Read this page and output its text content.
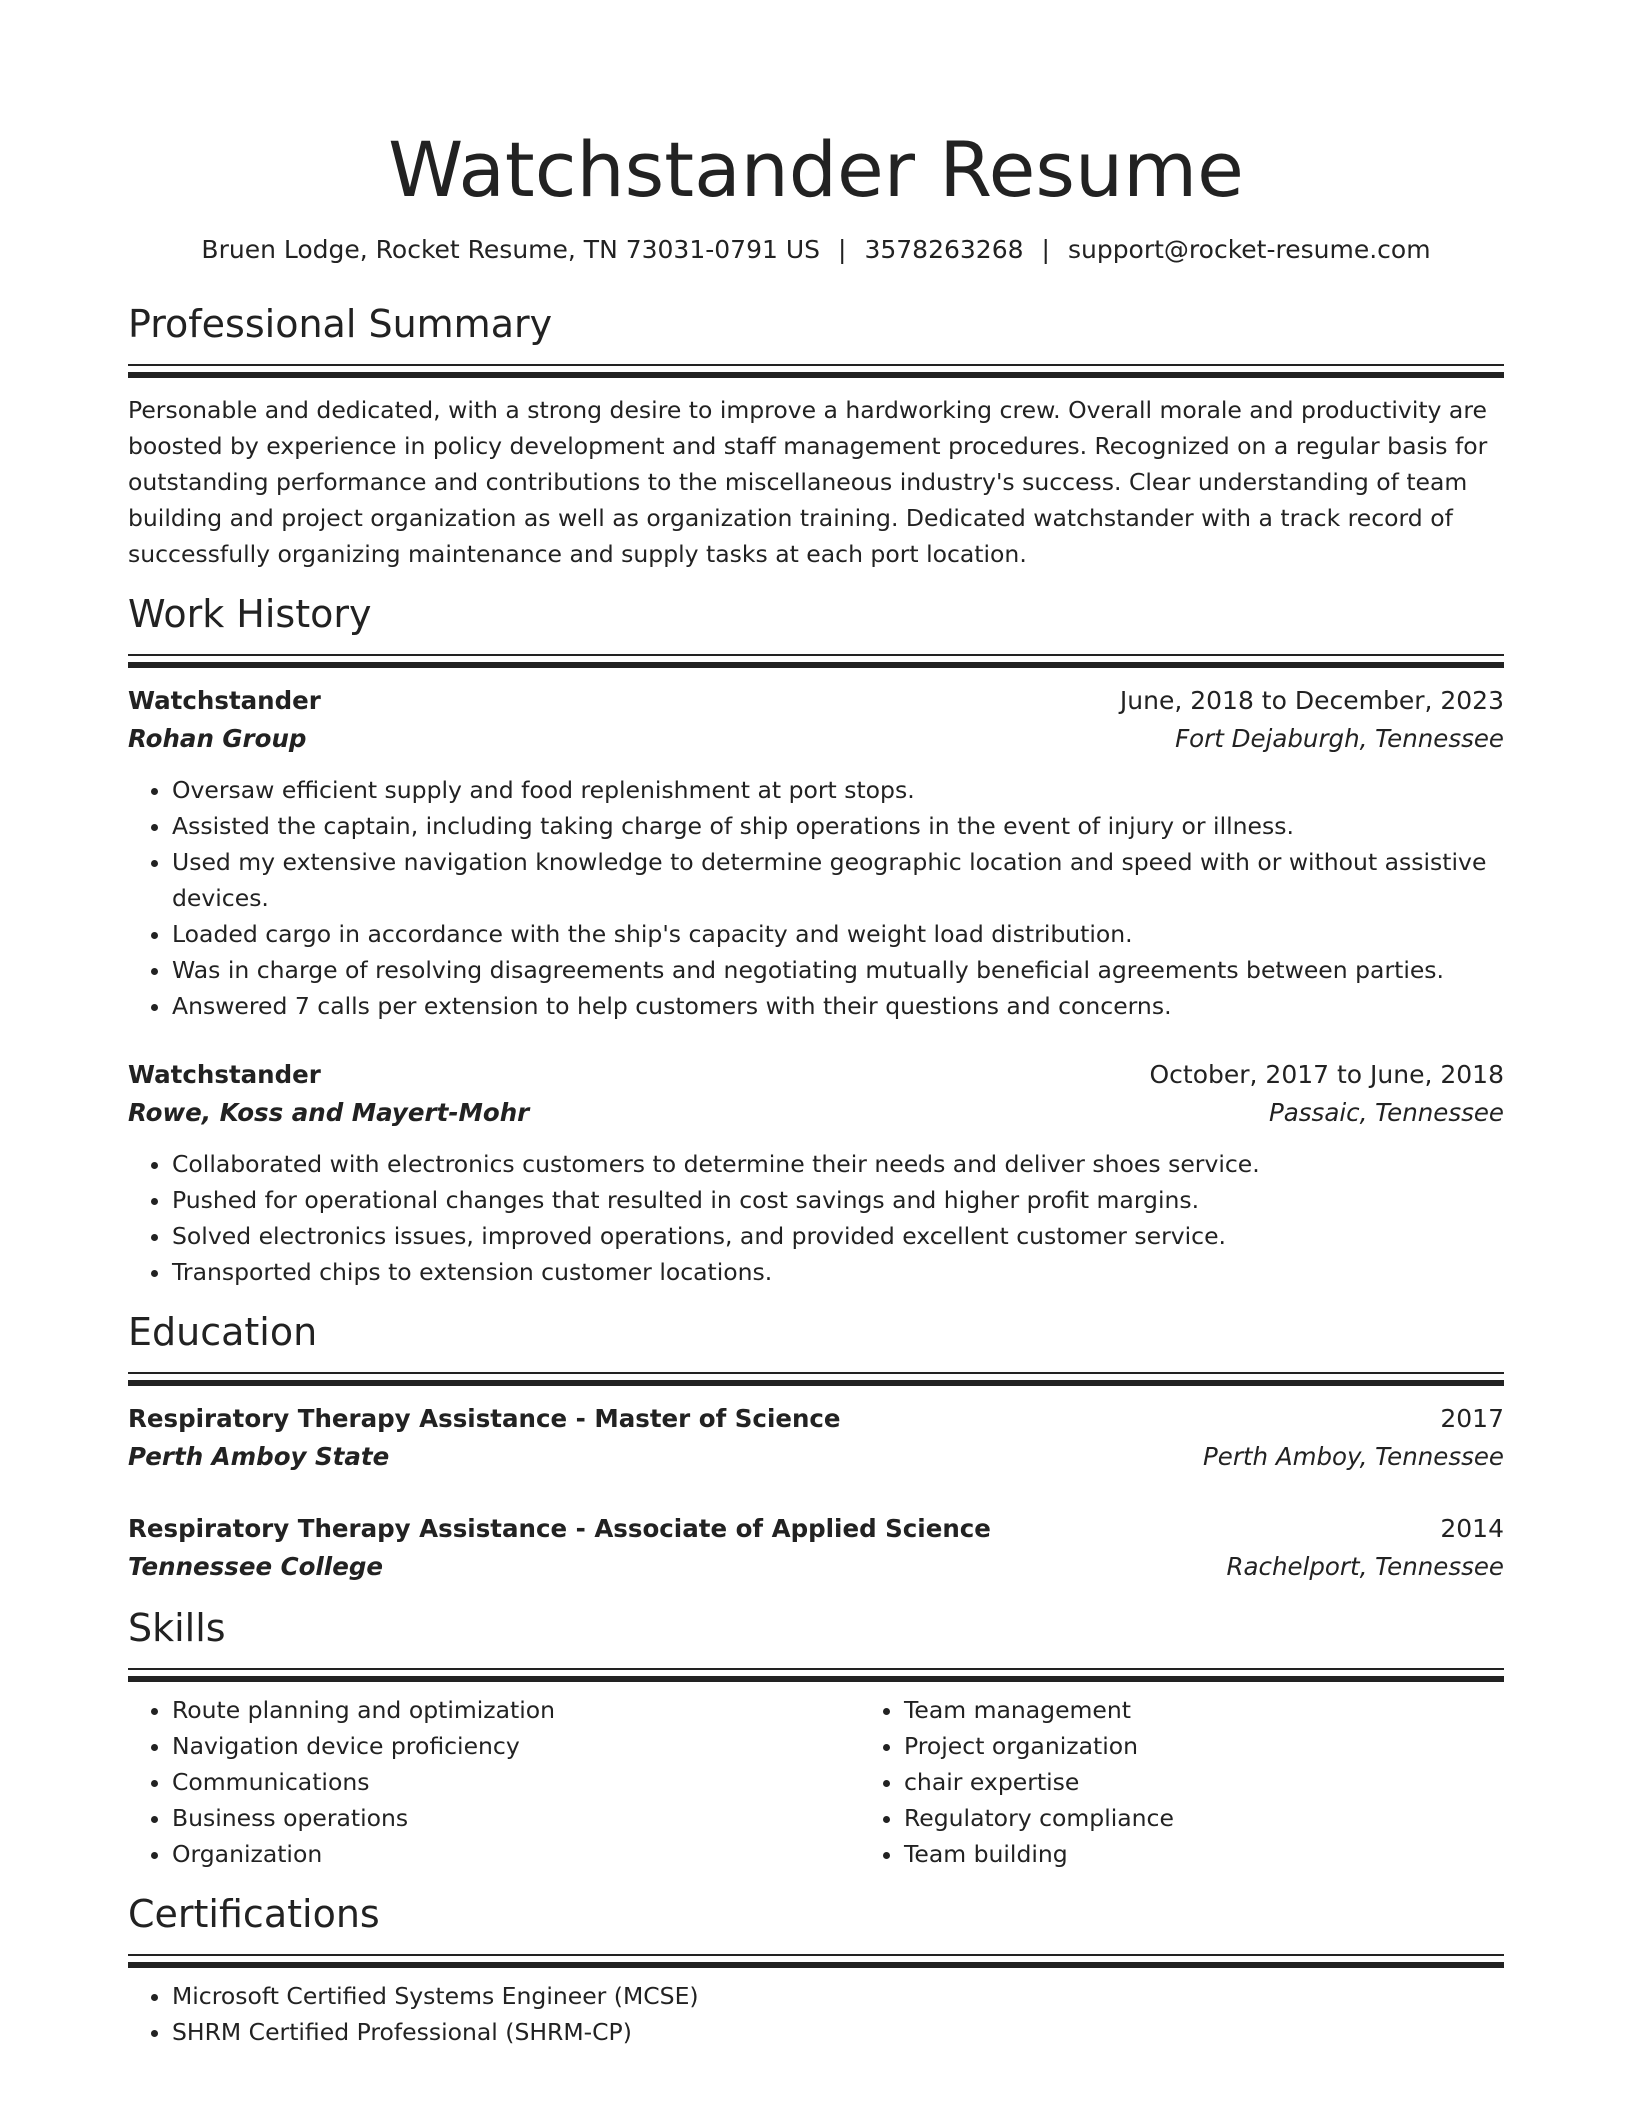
Watchstander Resume
Bruen Lodge, Rocket Resume, TN 73031-0791 US | 3578263268 | support@rocket-resume.com
Professional Summary

Personable and dedicated, with a strong desire to improve a hardworking crew. Overall morale and productivity are boosted by experience in policy development and staff management procedures. Recognized on a regular basis for outstanding performance and contributions to the miscellaneous industry's success. Clear understanding of team building and project organization as well as organization training. Dedicated watchstander with a track record of successfully organizing maintenance and supply tasks at each port location.

Work History
Watchstander	June, 2018 to December, 2023
Rohan Group	Fort Dejaburgh, Tennessee
• Oversaw efficient supply and food replenishment at port stops.
• Assisted the captain, including taking charge of ship operations in the event of injury or illness.
• Used my extensive navigation knowledge to determine geographic location and speed with or without assistive devices.
• Loaded cargo in accordance with the ship's capacity and weight load distribution.
• Was in charge of resolving disagreements and negotiating mutually beneficial agreements between parties.
• Answered 7 calls per extension to help customers with their questions and concerns.
Watchstander	October, 2017 to June, 2018
Rowe, Koss and Mayert-Mohr	Passaic, Tennessee
• Collaborated with electronics customers to determine their needs and deliver shoes service.
• Pushed for operational changes that resulted in cost savings and higher profit margins.
• Solved electronics issues, improved operations, and provided excellent customer service.
• Transported chips to extension customer locations.
Education
Respiratory Therapy Assistance - Master of Science	2017
Perth Amboy State	Perth Amboy, Tennessee
Respiratory Therapy Assistance - Associate of Applied Science	2014
Tennessee College	Rachelport, Tennessee
Skills
• Route planning and optimization
• Navigation device proficiency
• Communications
• Business operations
• Organization
• Team management
• Project organization
• chair expertise
• Regulatory compliance
• Team building
Certifications
• Microsoft Certified Systems Engineer (MCSE)
• SHRM Certified Professional (SHRM-CP)
